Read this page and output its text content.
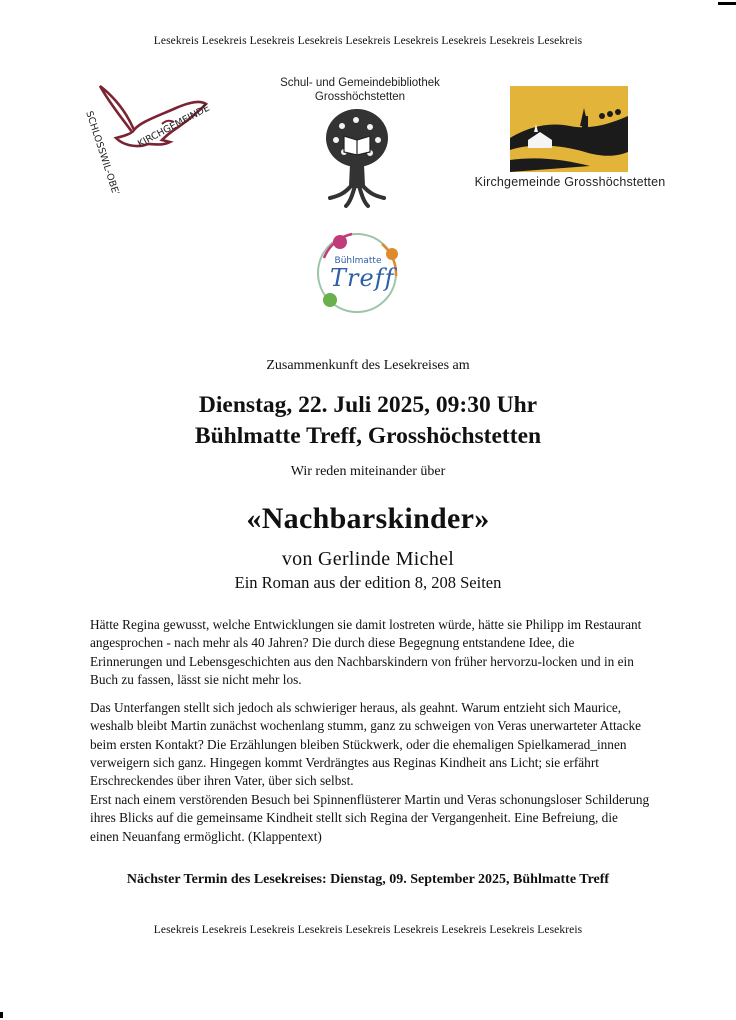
Lesekreis Lesekreis Lesekreis Lesekreis Lesekreis Lesekreis Lesekreis Lesekreis Lesekreis
SCHLOSSWIL-OBERHÜNIGEN KIRCHGEMEINDE
Schul- und Gemeindebibliothek
Grosshöchstetten
Kirchgemeinde Grosshöchstetten
Bühlmatte
Treff
Zusammenkunft des Lesekreises am
Dienstag, 22. Juli 2025, 09:30 Uhr
Bühlmatte Treff, Grosshöchstetten
Wir reden miteinander über
«Nachbarskinder»
von Gerlinde Michel
Ein Roman aus der edition 8, 208 Seiten
Hätte Regina gewusst, welche Entwicklungen sie damit lostreten würde, hätte sie Philipp im Restaurant angesprochen - nach mehr als 40 Jahren? Die durch diese Begegnung entstandene Idee, die Erinnerungen und Lebensgeschichten aus den Nachbarskindern von früher hervorzu-locken und in ein Buch zu fassen, lässt sie nicht mehr los.
Das Unterfangen stellt sich jedoch als schwieriger heraus, als geahnt. Warum entzieht sich Maurice, weshalb bleibt Martin zunächst wochenlang stumm, ganz zu schweigen von Veras unerwarteter Attacke beim ersten Kontakt? Die Erzählungen bleiben Stückwerk, oder die ehemaligen Spielkamerad_innen verweigern sich ganz. Hingegen kommt Verdrängtes aus Reginas Kindheit ans Licht; sie erfährt Erschreckendes über ihren Vater, über sich selbst.
Erst nach einem verstörenden Besuch bei Spinnenflüsterer Martin und Veras schonungsloser Schilderung ihres Blicks auf die gemeinsame Kindheit stellt sich Regina der Vergangenheit. Eine Befreiung, die einen Neuanfang ermöglicht. (Klappentext)
Nächster Termin des Lesekreises: Dienstag, 09. September 2025, Bühlmatte Treff
Lesekreis Lesekreis Lesekreis Lesekreis Lesekreis Lesekreis Lesekreis Lesekreis Lesekreis
